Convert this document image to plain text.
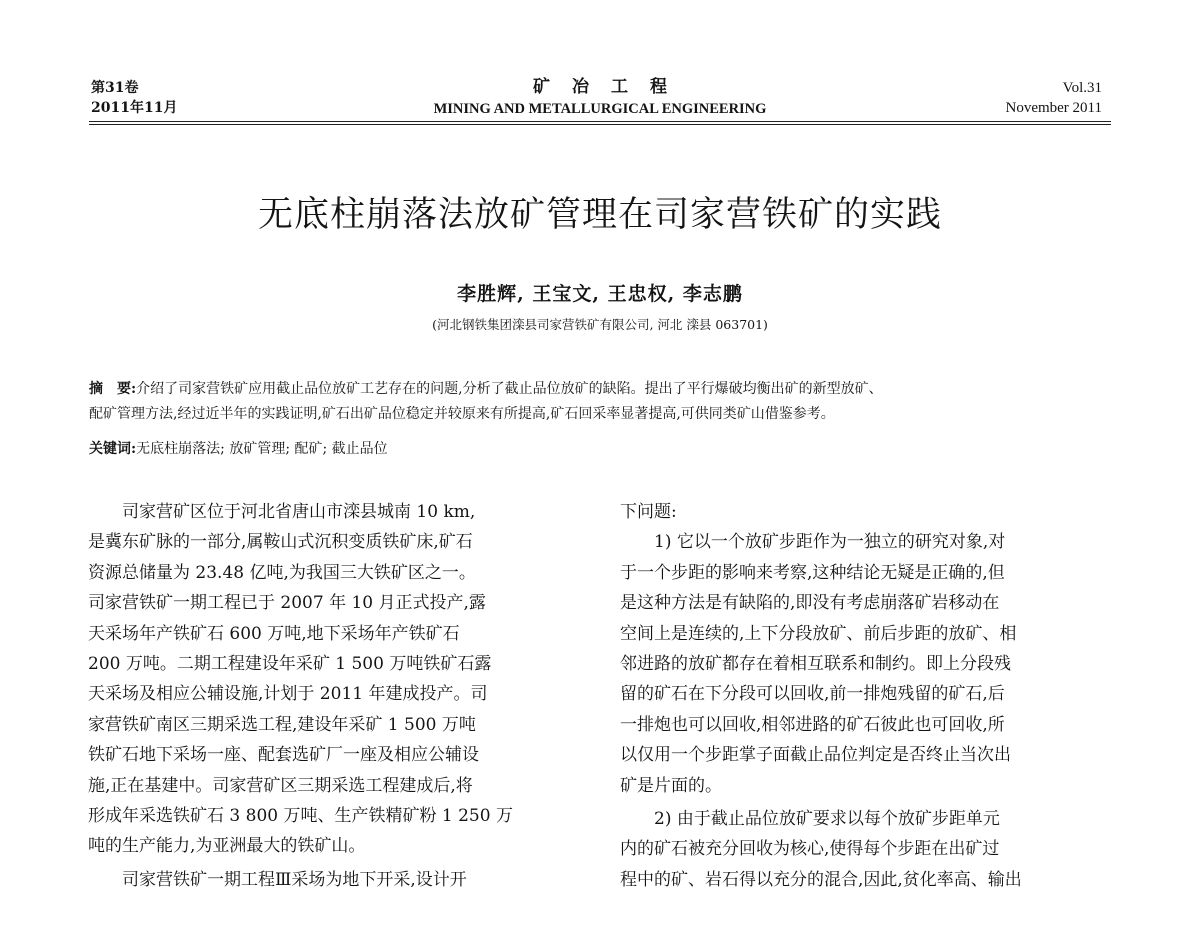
第31卷
2011年11月
矿冶工程
MINING AND METALLURGICAL ENGINEERING
Vol.31
November 2011
无底柱崩落法放矿管理在司家营铁矿的实践
李胜辉, 王宝文, 王忠权, 李志鹏
(河北钢铁集团滦县司家营铁矿有限公司, 河北 滦县 063701)
摘　要:介绍了司家营铁矿应用截止品位放矿工艺存在的问题,分析了截止品位放矿的缺陷。提出了平行爆破均衡出矿的新型放矿、
配矿管理方法,经过近半年的实践证明,矿石出矿品位稳定并较原来有所提高,矿石回采率显著提高,可供同类矿山借鉴参考。
关键词:无底柱崩落法; 放矿管理; 配矿; 截止品位
司家营矿区位于河北省唐山市滦县城南 10 km,
是冀东矿脉的一部分,属鞍山式沉积变质铁矿床,矿石
资源总储量为 23.48 亿吨,为我国三大铁矿区之一。
司家营铁矿一期工程已于 2007 年 10 月正式投产,露
天采场年产铁矿石 600 万吨,地下采场年产铁矿石
200 万吨。二期工程建设年采矿 1 500 万吨铁矿石露
天采场及相应公辅设施,计划于 2011 年建成投产。司
家营铁矿南区三期采选工程,建设年采矿 1 500 万吨
铁矿石地下采场一座、配套选矿厂一座及相应公辅设
施,正在基建中。司家营矿区三期采选工程建成后,将
形成年采选铁矿石 3 800 万吨、生产铁精矿粉 1 250 万
吨的生产能力,为亚洲最大的铁矿山。
司家营铁矿一期工程Ⅲ采场为地下开采,设计开
下问题:
1) 它以一个放矿步距作为一独立的研究对象,对
于一个步距的影响来考察,这种结论无疑是正确的,但
是这种方法是有缺陷的,即没有考虑崩落矿岩移动在
空间上是连续的,上下分段放矿、前后步距的放矿、相
邻进路的放矿都存在着相互联系和制约。即上分段残
留的矿石在下分段可以回收,前一排炮残留的矿石,后
一排炮也可以回收,相邻进路的矿石彼此也可回收,所
以仅用一个步距掌子面截止品位判定是否终止当次出
矿是片面的。
2) 由于截止品位放矿要求以每个放矿步距单元
内的矿石被充分回收为核心,使得每个步距在出矿过
程中的矿、岩石得以充分的混合,因此,贫化率高、输出
